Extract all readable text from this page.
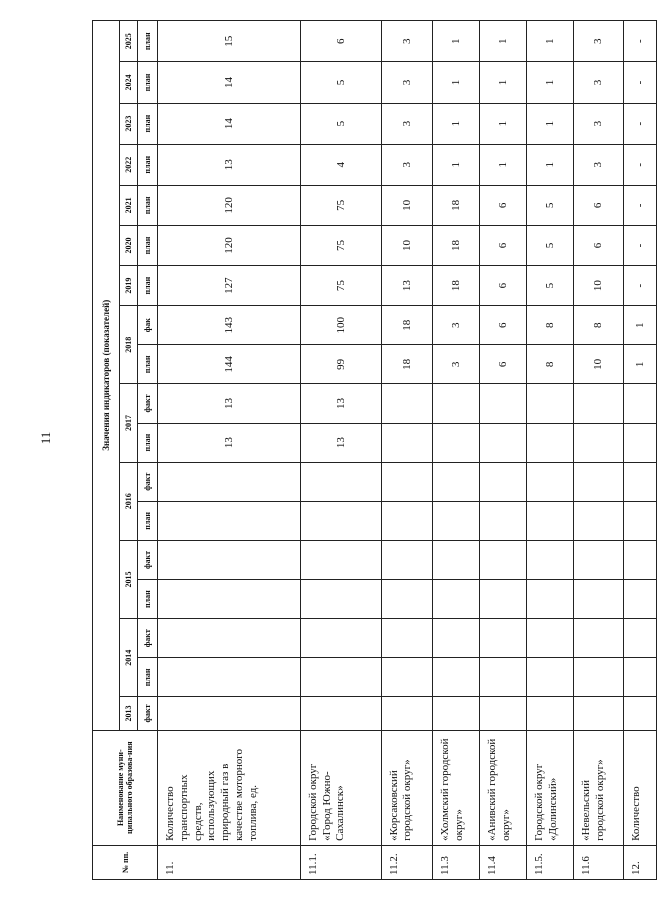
11
№ пп.	Наименование муни-ципального образова-ния	Значения индикаторов (показателей)																	
		2013	2014		2015		2016		2017		2018		2019	2020	2021	2022	2023	2024	2025
		факт	план	факт	план	факт	план	факт	план	факт	план	фак	план	план	план	план	план	план	план
11.	Количество транспортных средств, использующих природный газ в качестве моторного топлива, ед.								13	13	144	143	127	120	120	13	14	14	15
11.1.	Городской округ «Город Южно-Сахалинск»								13	13	99	100	75	75	75	4	5	5	6
11.2.	«Корсаковский городской округ»										18	18	13	10	10	3	3	3	3
11.3	«Холмский городской округ»										3	3	18	18	18	1	1	1	1
11.4	«Анивский городской округ»										6	6	6	6	6	1	1	1	1
11.5.	Городской округ «Долинский»										8	8	5	5	5	1	1	1	1
11.6	«Невельский городской округ»										10	8	10	6	6	3	3	3	3
12.	Количество										1	1	-	-	-	-	-	-	-
